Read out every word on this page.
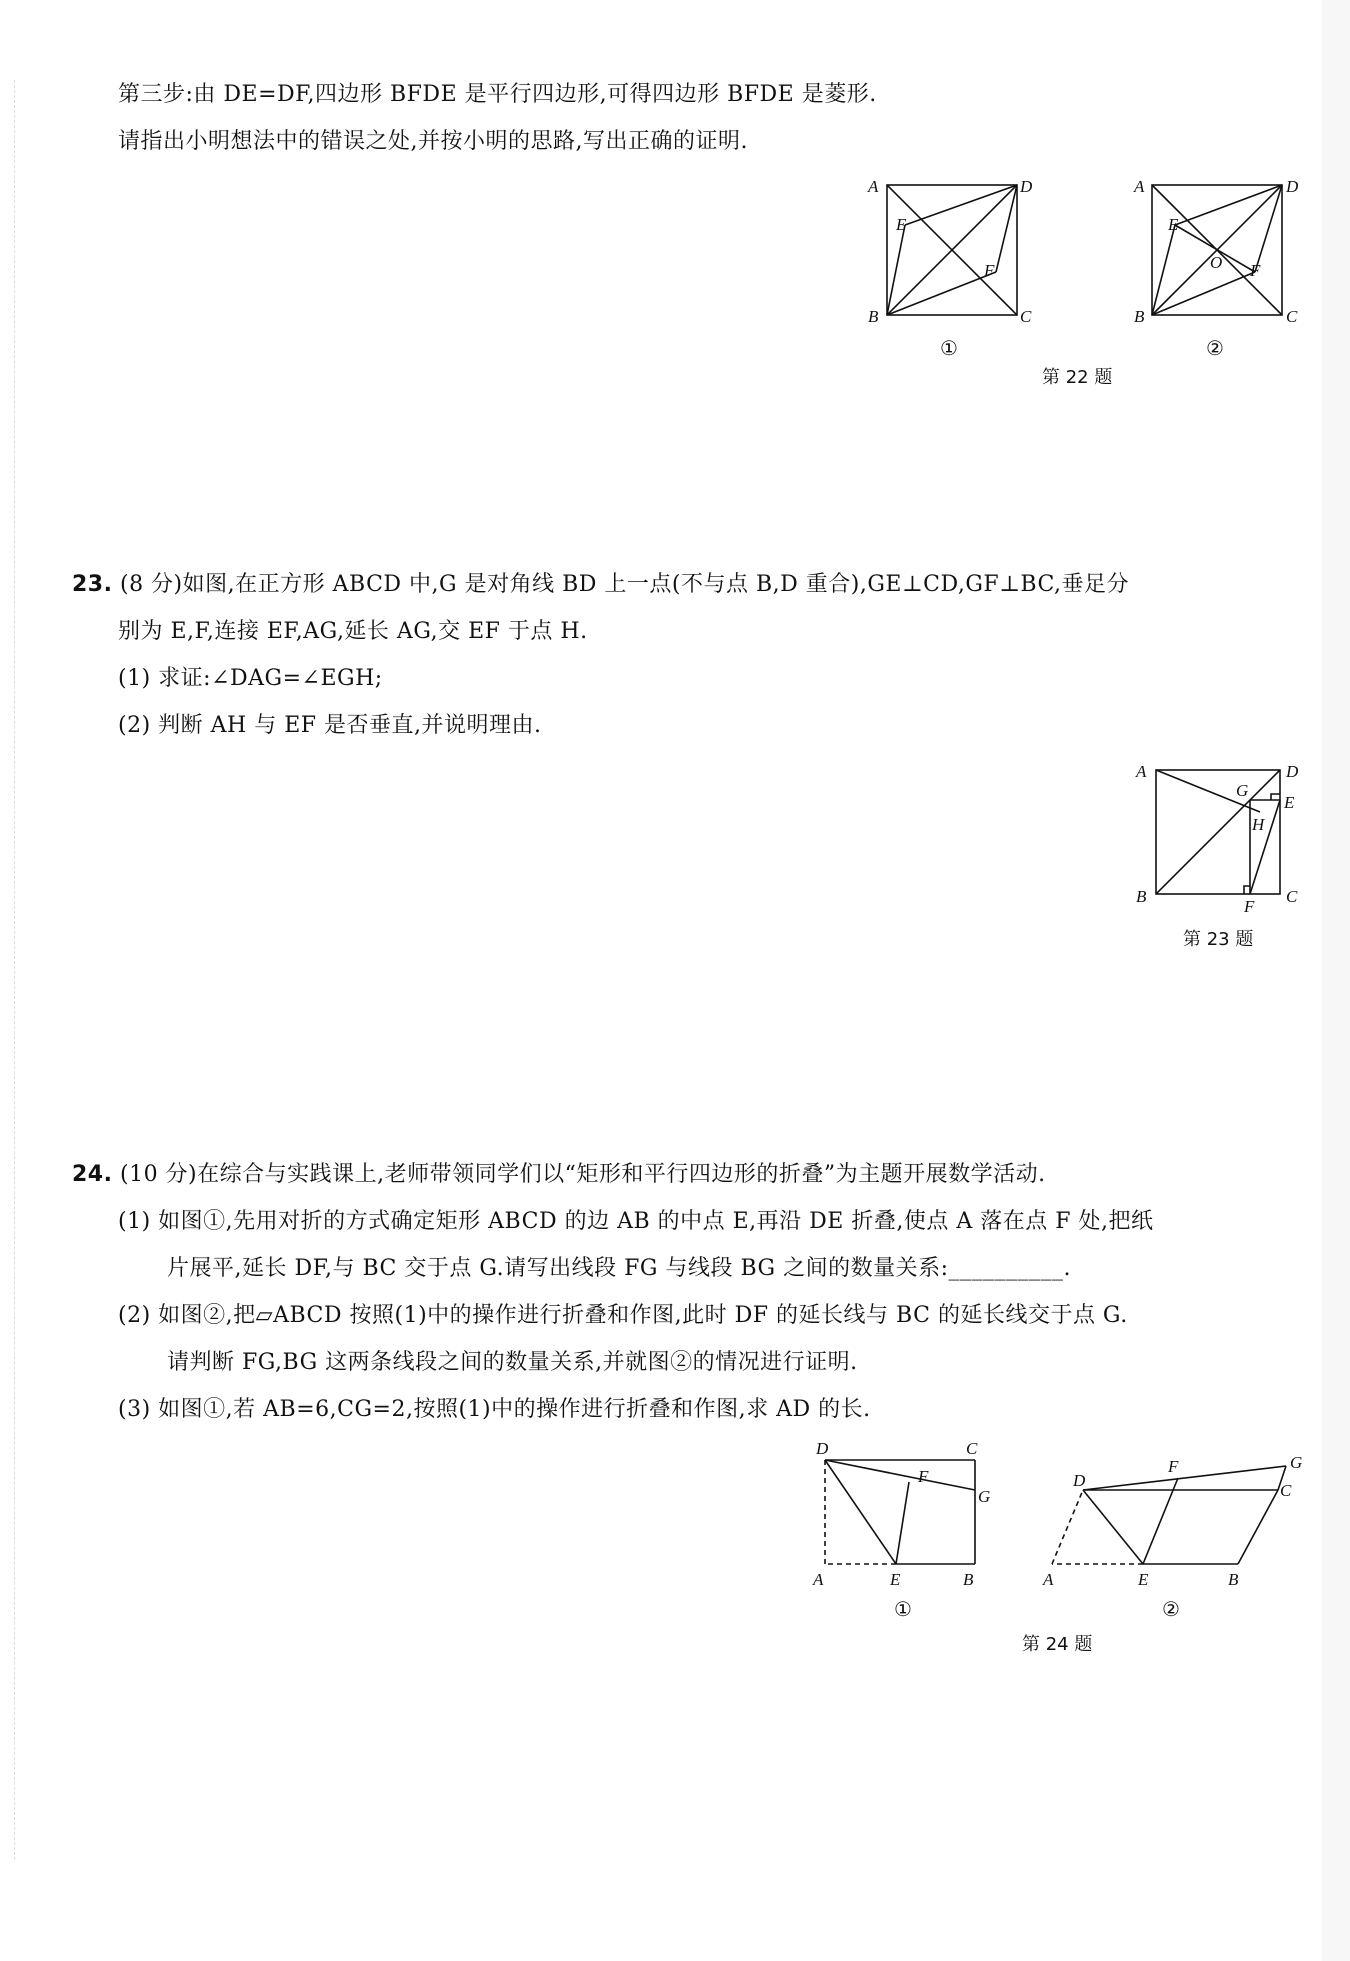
第三步:由 DE=DF,四边形 BFDE 是平行四边形,可得四边形 BFDE 是菱形.
请指出小明想法中的错误之处,并按小明的思路,写出正确的证明.
A	D
B	C
E
F
①
A	D
B	C
E
O F
②
第 22 题
23. (8 分)如图,在正方形 ABCD 中,G 是对角线 BD 上一点(不与点 B,D 重合),GE⊥CD,GF⊥BC,垂足分
别为 E,F,连接 EF,AG,延长 AG,交 EF 于点 H.
(1) 求证:∠DAG=∠EGH;
(2) 判断 AH 与 EF 是否垂直,并说明理由.
A	D
B	C
G
E
H
F
第 23 题
24. (10 分)在综合与实践课上,老师带领同学们以“矩形和平行四边形的折叠”为主题开展数学活动.
(1) 如图①,先用对折的方式确定矩形 ABCD 的边 AB 的中点 E,再沿 DE 折叠,使点 A 落在点 F 处,把纸
片展平,延长 DF,与 BC 交于点 G.请写出线段 FG 与线段 BG 之间的数量关系:__________.
(2) 如图②,把▱ABCD 按照(1)中的操作进行折叠和作图,此时 DF 的延长线与 BC 的延长线交于点 G.
请判断 FG,BG 这两条线段之间的数量关系,并就图②的情况进行证明.
(3) 如图①,若 AB=6,CG=2,按照(1)中的操作进行折叠和作图,求 AD 的长.
D	C
F
G
A	E	B
①
D
F	G
C
A	E	B
②
第 24 题
